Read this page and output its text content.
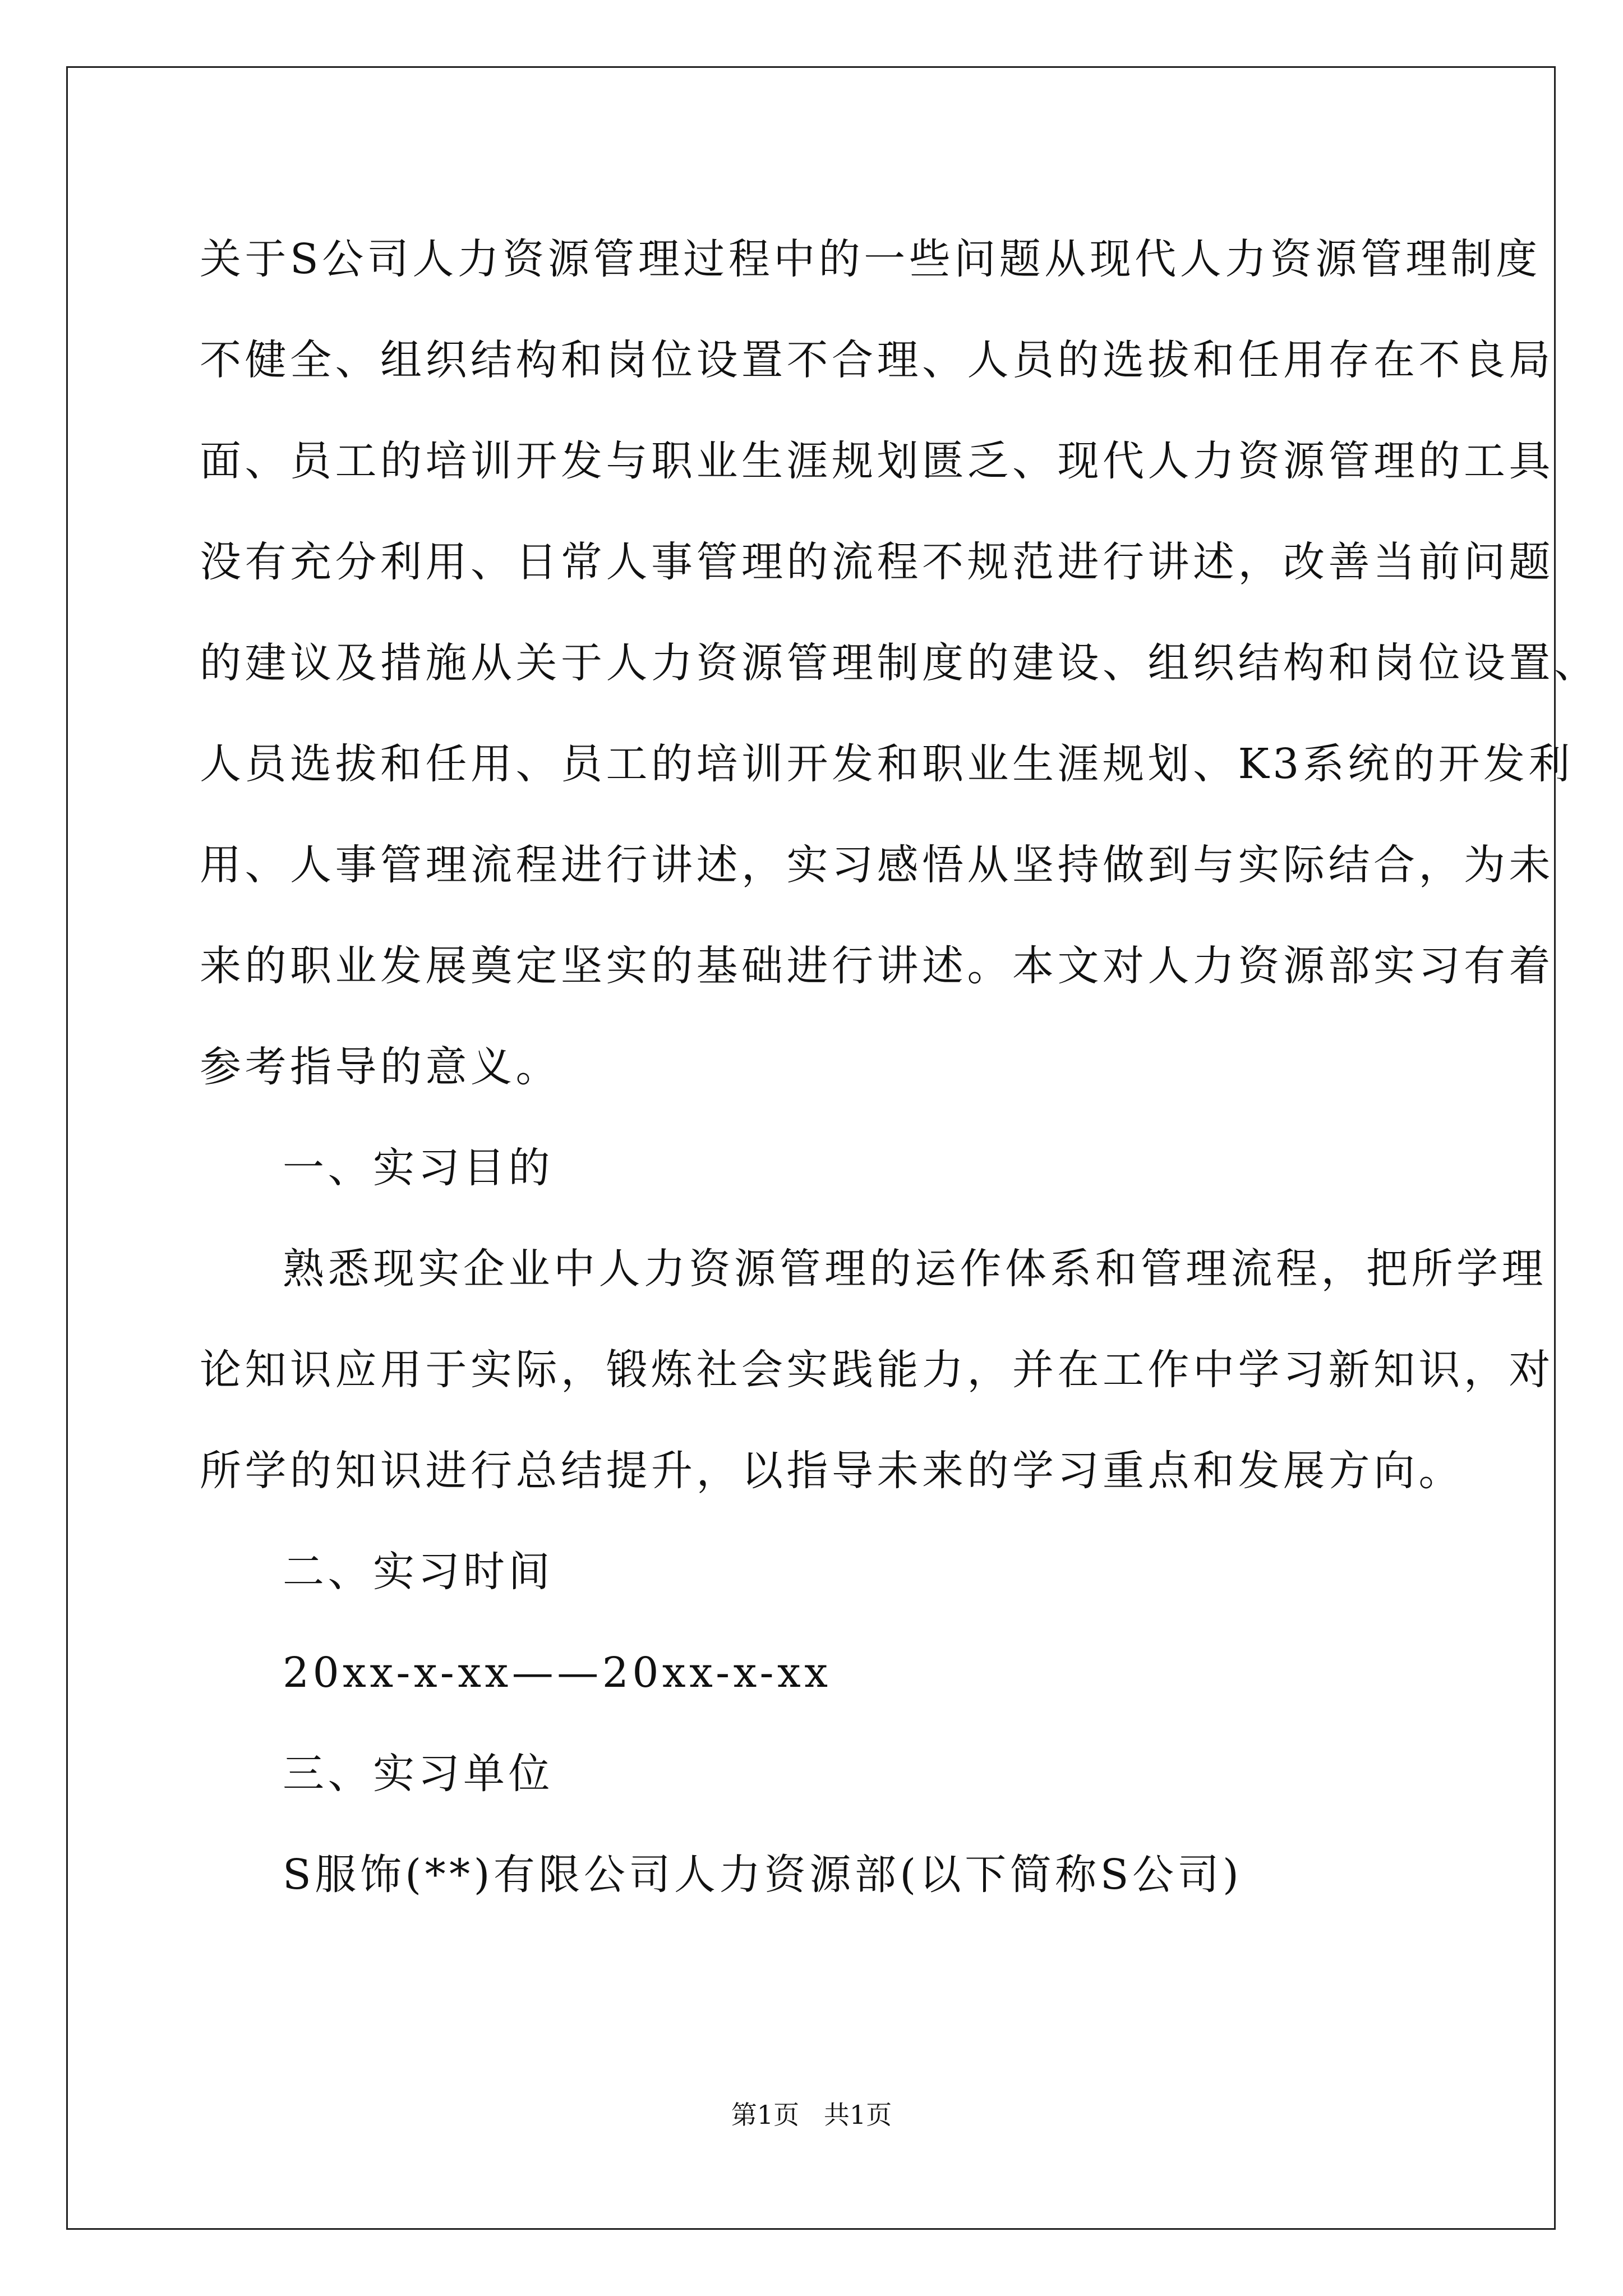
关于S公司人力资源管理过程中的一些问题从现代人力资源管理制度
不健全、组织结构和岗位设置不合理、人员的选拔和任用存在不良局
面、员工的培训开发与职业生涯规划匮乏、现代人力资源管理的工具
没有充分利用、日常人事管理的流程不规范进行讲述，改善当前问题
的建议及措施从关于人力资源管理制度的建设、组织结构和岗位设置、
人员选拔和任用、员工的培训开发和职业生涯规划、K3系统的开发利
用、人事管理流程进行讲述，实习感悟从坚持做到与实际结合，为未
来的职业发展奠定坚实的基础进行讲述。本文对人力资源部实习有着
参考指导的意义。
一、实习目的
熟悉现实企业中人力资源管理的运作体系和管理流程，把所学理
论知识应用于实际，锻炼社会实践能力，并在工作中学习新知识，对
所学的知识进行总结提升，以指导未来的学习重点和发展方向。
二、实习时间
20xx-x-xx——20xx-x-xx
三、实习单位
S服饰(**)有限公司人力资源部(以下简称S公司)
第1页   共1页
